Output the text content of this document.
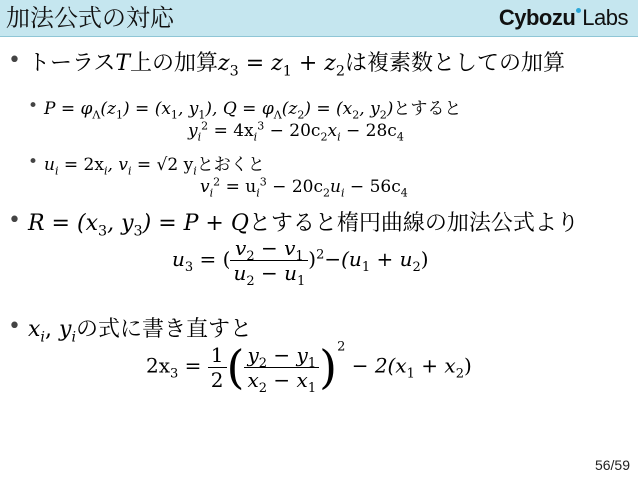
加法公式の対応	Cybozu Labs
• トーラスT上の加算$z_3 = z_1 + z_2$は複素数としての加算
• $P = \varphi_\Lambda(z_1) = (x_1$, $y_1$), $Q = \varphi_\Lambda(z_2) = (x_2$, $y_2$)とすると
$y_i^2 = 4x_i^3 - 20c_2x_i - 28c_4$
• $u_i = 2x_i$, $v_i = √2$ $y_i$とおくと
$v_i^2 = u_i^3 - 20c_2u_i - 56c_4$
• $R = (x_3$, $y_3) = P + Q$とすると楕円曲線の加法公式より
$u_3$ = ( $\frac{v_2 - v_1}{u_2 - u_1} )^2-(u_1 + u_2)$
• $x_i$, $y_i$の式に書き直すと
$2x_3 = \frac{1}{2}$ ( $\frac{y_2 - y_1}{x_2 - x_1} )^2 - 2(x_1 + x_2)$
56/59
